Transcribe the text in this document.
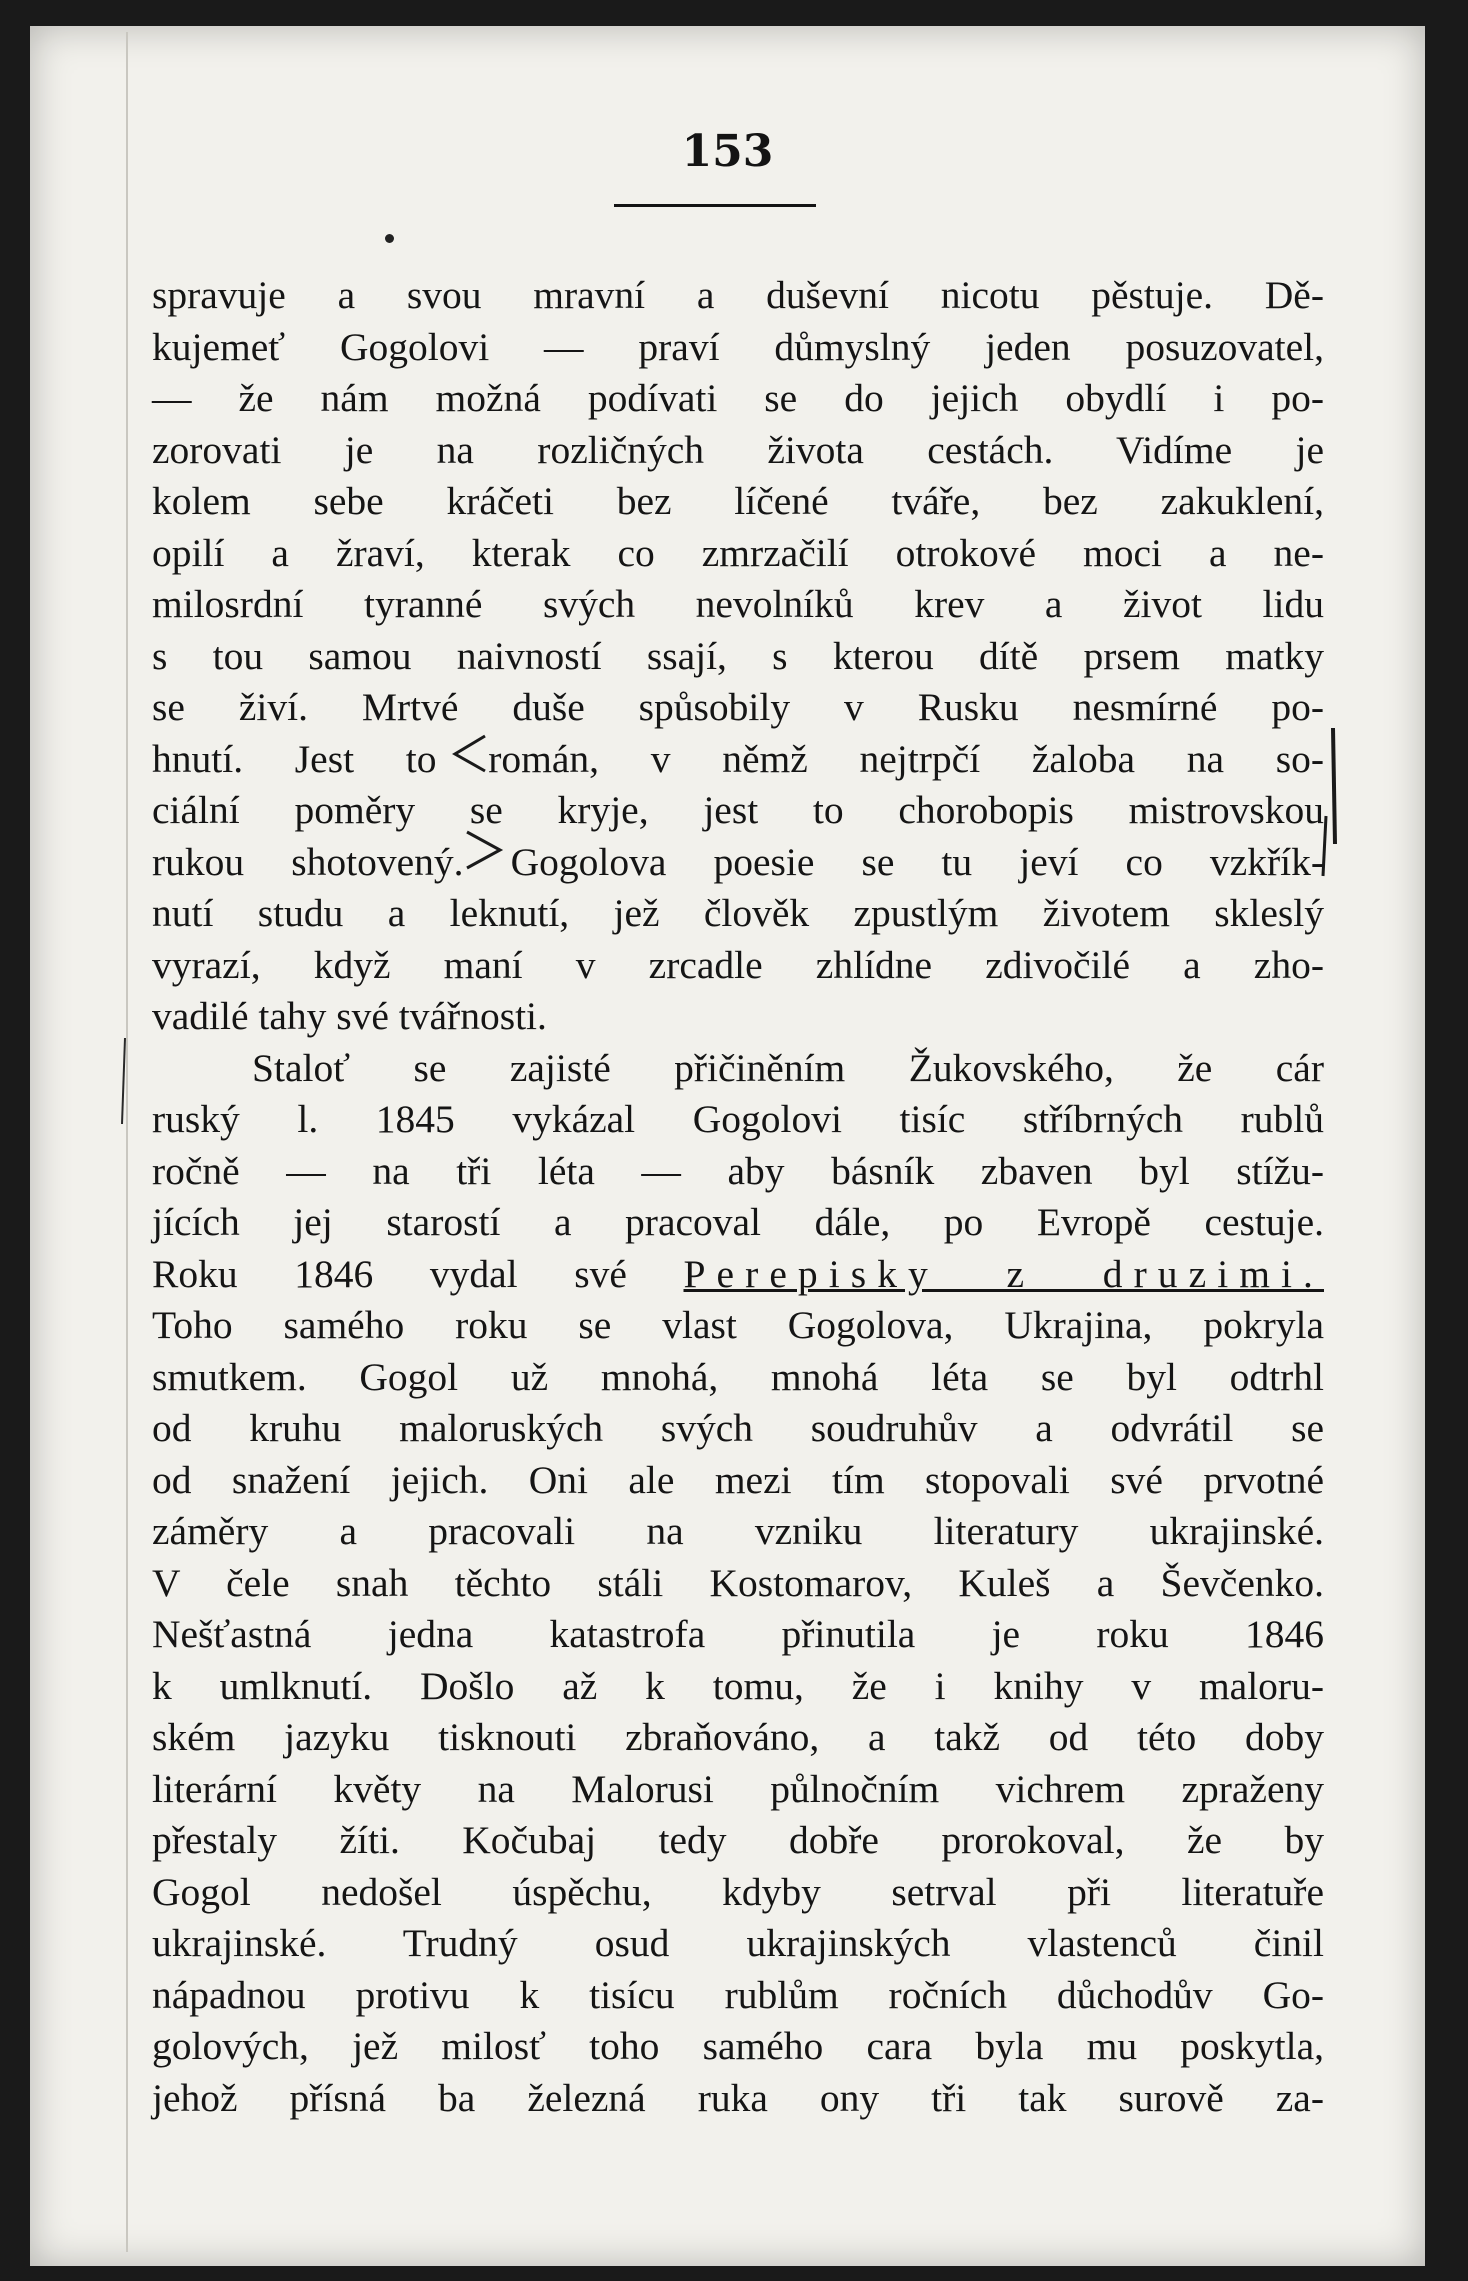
153
spravuje a svou mravní a duševní nicotu pěstuje. Dě-
kujemeť Gogolovi — praví důmyslný jeden posuzovatel,
— že nám možná podívati se do jejich obydlí i po-
zorovati je na rozličných života cestách. Vidíme je
kolem sebe kráčeti bez líčené tváře, bez zakuklení,
opilí a žraví, kterak co zmrzačilí otrokové moci a ne-
milosrdní tyranné svých nevolníků krev a život lidu
s tou samou naivností ssají, s kterou dítě prsem matky
se živí. Mrtvé duše spůsobily v Rusku nesmírné po-
hnutí. Jest to román, v němž nejtrpčí žaloba na so-
ciální poměry se kryje, jest to chorobopis mistrovskou
rukou shotovený. Gogolova poesie se tu jeví co vzkřík-
nutí studu a leknutí, jež člověk zpustlým životem skleslý
vyrazí, když maní v zrcadle zhlídne zdivočilé a zho-
vadilé tahy své tvářnosti.
Staloť se zajisté přičiněním Žukovského, že cár
ruský l. 1845 vykázal Gogolovi tisíc stříbrných rublů
ročně — na tři léta — aby básník zbaven byl stížu-
jících jej starostí a pracoval dále, po Evropě cestuje.
Roku 1846 vydal své Perepisky z druzimi.
Toho samého roku se vlast Gogolova, Ukrajina, pokryla
smutkem. Gogol už mnohá, mnohá léta se byl odtrhl
od kruhu maloruských svých soudruhův a odvrátil se
od snažení jejich. Oni ale mezi tím stopovali své prvotné
záměry a pracovali na vzniku literatury ukrajinské.
V čele snah těchto stáli Kostomarov, Kuleš a Ševčenko.
Nešťastná jedna katastrofa přinutila je roku 1846
k umlknutí. Došlo až k tomu, že i knihy v maloru-
ském jazyku tisknouti zbraňováno, a takž od této doby
literární květy na Malorusi půlnočním vichrem zpraženy
přestaly žíti. Kočubaj tedy dobře prorokoval, že by
Gogol nedošel úspěchu, kdyby setrval při literatuře
ukrajinské. Trudný osud ukrajinských vlastenců činil
nápadnou protivu k tisícu rublům ročních důchodův Go-
golových, jež milosť toho samého cara byla mu poskytla,
jehož přísná ba železná ruka ony tři tak surově za-
